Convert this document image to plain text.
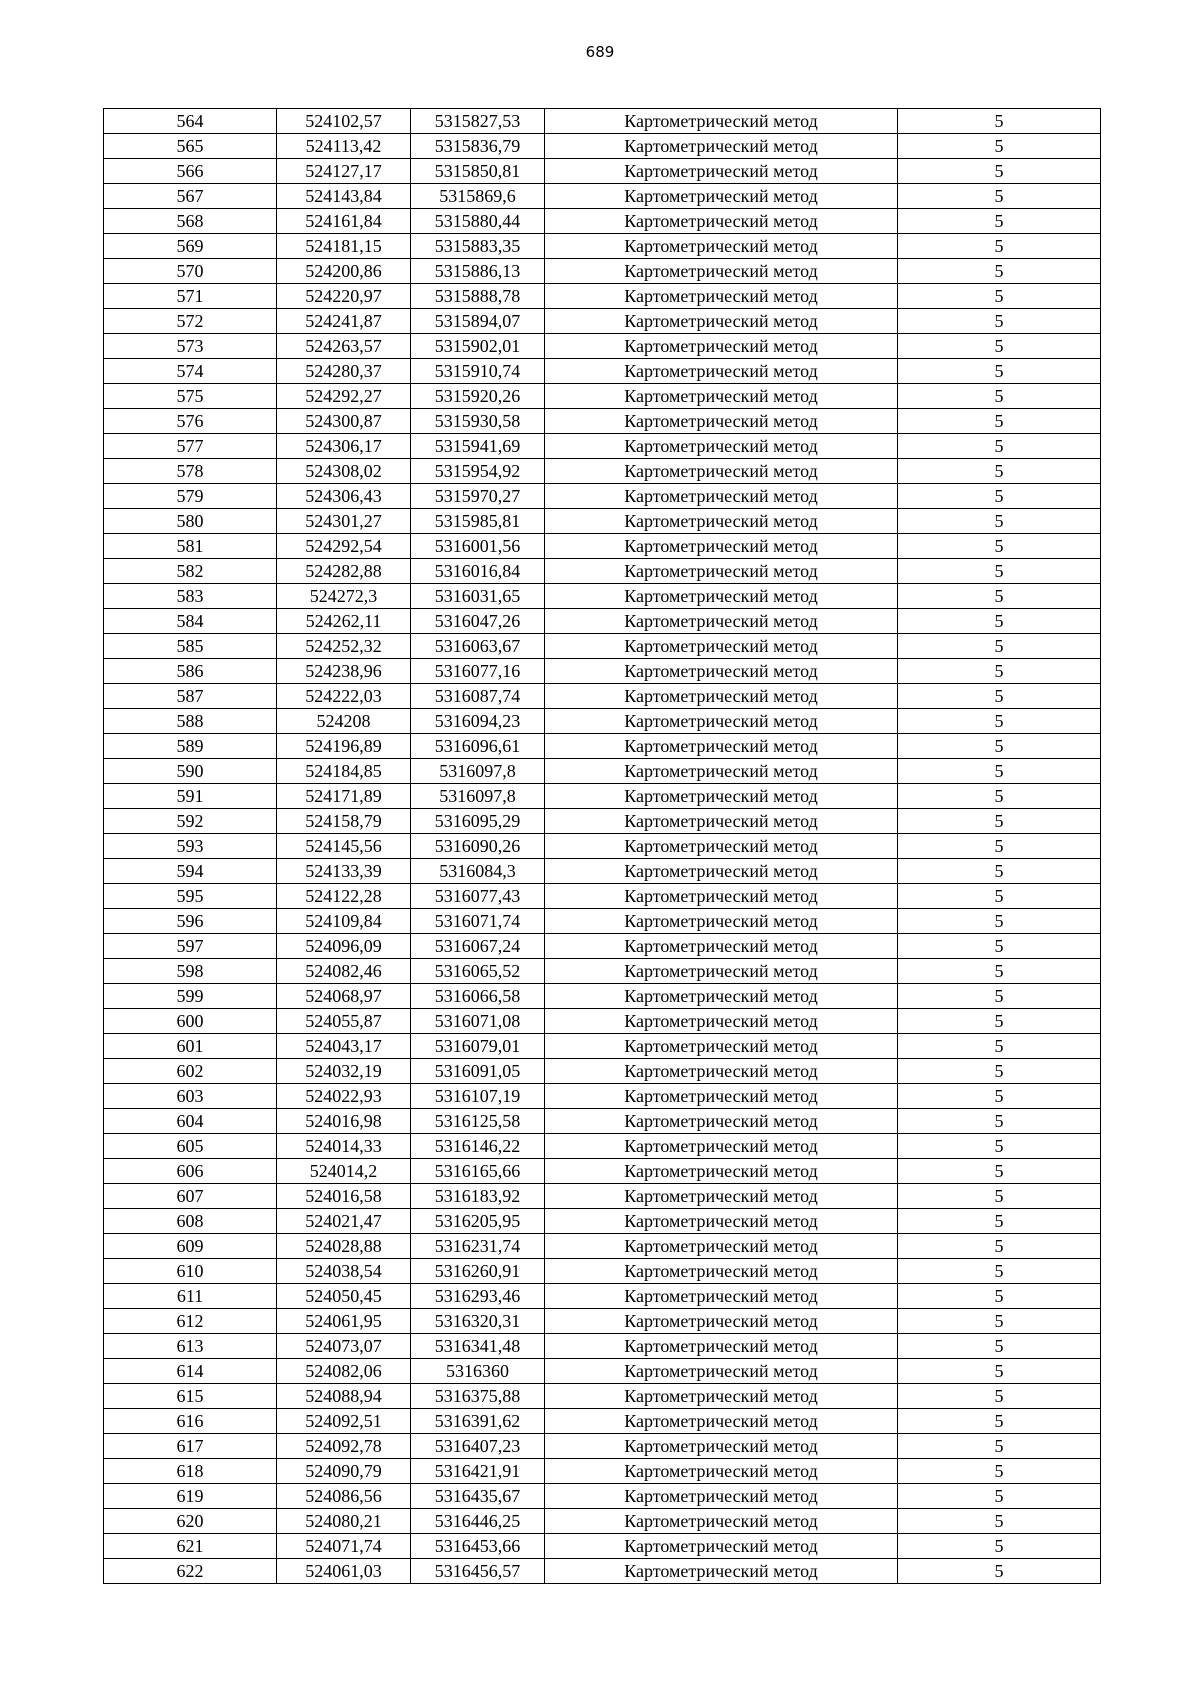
689
564	524102,57	5315827,53	Картометрический метод	5
565	524113,42	5315836,79	Картометрический метод	5
566	524127,17	5315850,81	Картометрический метод	5
567	524143,84	5315869,6	Картометрический метод	5
568	524161,84	5315880,44	Картометрический метод	5
569	524181,15	5315883,35	Картометрический метод	5
570	524200,86	5315886,13	Картометрический метод	5
571	524220,97	5315888,78	Картометрический метод	5
572	524241,87	5315894,07	Картометрический метод	5
573	524263,57	5315902,01	Картометрический метод	5
574	524280,37	5315910,74	Картометрический метод	5
575	524292,27	5315920,26	Картометрический метод	5
576	524300,87	5315930,58	Картометрический метод	5
577	524306,17	5315941,69	Картометрический метод	5
578	524308,02	5315954,92	Картометрический метод	5
579	524306,43	5315970,27	Картометрический метод	5
580	524301,27	5315985,81	Картометрический метод	5
581	524292,54	5316001,56	Картометрический метод	5
582	524282,88	5316016,84	Картометрический метод	5
583	524272,3	5316031,65	Картометрический метод	5
584	524262,11	5316047,26	Картометрический метод	5
585	524252,32	5316063,67	Картометрический метод	5
586	524238,96	5316077,16	Картометрический метод	5
587	524222,03	5316087,74	Картометрический метод	5
588	524208	5316094,23	Картометрический метод	5
589	524196,89	5316096,61	Картометрический метод	5
590	524184,85	5316097,8	Картометрический метод	5
591	524171,89	5316097,8	Картометрический метод	5
592	524158,79	5316095,29	Картометрический метод	5
593	524145,56	5316090,26	Картометрический метод	5
594	524133,39	5316084,3	Картометрический метод	5
595	524122,28	5316077,43	Картометрический метод	5
596	524109,84	5316071,74	Картометрический метод	5
597	524096,09	5316067,24	Картометрический метод	5
598	524082,46	5316065,52	Картометрический метод	5
599	524068,97	5316066,58	Картометрический метод	5
600	524055,87	5316071,08	Картометрический метод	5
601	524043,17	5316079,01	Картометрический метод	5
602	524032,19	5316091,05	Картометрический метод	5
603	524022,93	5316107,19	Картометрический метод	5
604	524016,98	5316125,58	Картометрический метод	5
605	524014,33	5316146,22	Картометрический метод	5
606	524014,2	5316165,66	Картометрический метод	5
607	524016,58	5316183,92	Картометрический метод	5
608	524021,47	5316205,95	Картометрический метод	5
609	524028,88	5316231,74	Картометрический метод	5
610	524038,54	5316260,91	Картометрический метод	5
611	524050,45	5316293,46	Картометрический метод	5
612	524061,95	5316320,31	Картометрический метод	5
613	524073,07	5316341,48	Картометрический метод	5
614	524082,06	5316360	Картометрический метод	5
615	524088,94	5316375,88	Картометрический метод	5
616	524092,51	5316391,62	Картометрический метод	5
617	524092,78	5316407,23	Картометрический метод	5
618	524090,79	5316421,91	Картометрический метод	5
619	524086,56	5316435,67	Картометрический метод	5
620	524080,21	5316446,25	Картометрический метод	5
621	524071,74	5316453,66	Картометрический метод	5
622	524061,03	5316456,57	Картометрический метод	5
